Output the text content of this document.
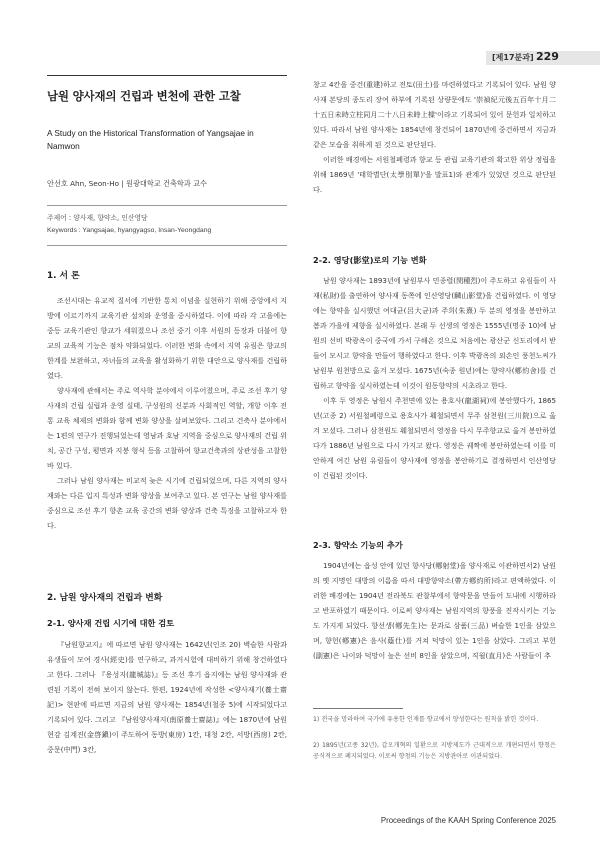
[제17분과] 229
남원 양사재의 건립과 변천에 관한 고찰
A Study on the Historical Transformation of Yangsajae in Namwon
안선호 Ahn, Seon-Ho | 원광대학교 건축학과 교수
주제어 : 양사재, 향약소, 인산영당
Keywords : Yangsajae, hyangyagso, Insan-Yeongdang
1. 서 론

조선시대는 유교적 질서에 기반한 통치 이념을 실현하기 위해 중앙에서 지방에 이르기까지 교육기관 설치와 운영을 중시하였다. 이에 따라 각 고을에는 중등 교육기관인 향교가 세워졌으나 조선 중기 이후 서원의 등장과 더불어 향교의 교육적 기능은 점차 약화되었다. 이러한 변화 속에서 지역 유림은 향교의 한계를 보완하고, 자녀들의 교육을 활성화하기 위한 대안으로 양사재를 건립하였다.

양사재에 관해서는 주로 역사학 분야에서 이루어졌으며, 주로 조선 후기 양사재의 건립 실립과 운영 실태, 구성원의 신분과 사회적인 역할, 개항 이후 전통 교육 체제의 변화와 함께 변화 양상을 살펴보았다. 그리고 건축사 분야에서는 1편의 연구가 진행되었는데 영남과 호남 지역을 중심으로 양사재의 건립 위치, 공간 구성, 평면과 지붕 형식 등을 고찰하여 향교건축과의 상관성을 고찰한 바 있다.

그러나 남원 양사재는 비교적 늦은 시기에 건립되었으며, 다른 지역의 양사재와는 다른 입지 특성과 변화 양상을 보여주고 있다. 본 연구는 남원 양사재를 중심으로 조선 후기 향촌 교육 공간의 변화 양상과 건축 특징을 고찰하고자 한다.

2. 남원 양사재의 건립과 변화
2-1. 양사재 건립 시기에 대한 검토

『남원향교지』에 따르면 남원 양사재는 1642년(인조 20) 벽슬한 사람과 유생들이 모여 경사(經史)를 연구하고, 과거시험에 대비하기 위해 창건하였다고 한다. 그러나 『용성지(龍城誌)』등 조선 후기 읍지에는 남원 양사재와 관련된 기록이 전혀 보이지 않는다. 한편, 1924년에 작성한 <양사재기(養士齋記)> 현판에 따르면 지금의 남원 양사재는 1854년(철종 5)에 시작되었다고 기록되어 있다. 그리고 『남원양사재지(南原養士齋誌)』에는 1870년에 남원현감 김계진(金啓鎭)이 주도하여 동방(東房) 1칸, 대청 2칸, 서방(西房) 2칸, 중문(中門) 3칸,

창고 4칸을 중건(重建)하고 전토(田土)를 마련하였다고 기록되어 있다. 남원 양사재 본당의 종도리 장여 하부에 기록된 상량문에도 '崇禎紀元後五百年十月二十五日未時立柱同月二十八日未時上樑'이라고 기록되어 있어 문헌과 일치하고 있다. 따라서 남원 양사재는 1854년에 창건되어 1870년에 중건하면서 지금과 같은 모습을 취하게 된 것으로 판단된다.

이러한 배경에는 서원철폐령과 향교 등 관립 교육기관의 확고한 위상 정립을 위해 1869년 '태학별단(太學別單)'을 발표1)와 관계가 있었던 것으로 판단된다.

2-2. 영당(影堂)로의 기능 변화

남원 양사재는 1893년에 남원부사 민종렬(閔種烈)이 주도하고 유림들이 사재(私財)를 출연하여 양사재 동쪽에 인산영당(麟山影堂)을 건립하였다. 이 영당에는 향약을 실시했던 여대균(呂大균)과 주희(朱熹) 두 분의 영정을 봉안하고 봄과 가을에 제향을 실시하였다. 본래 두 선생의 영정은 1555년(명종 10)에 남원의 선비 박광옥이 중국에 가서 구해온 것으로 처음에는 광산군 신도리에서 받들어 모시고 향약을 만들어 행하였다고 한다. 이후 박광옥의 외손인 풍천노씨가 남원부 원천방으로 옮겨 모셨다. 1675년(숙종 원년)에는 향약사(鄕約舍)를 건립하고 향약을 실시하였는데 이것이 원동향약의 시초라고 한다.

이후 두 영정은 남원시 주천면에 있는 용호사(龍湖祠)에 봉안했다가, 1865년(고종 2) 서원철폐령으로 용호사가 훼철되면서 무주 삼천원(三川院)으로 옮겨 모셨다. 그러나 삼천원도 훼철되면서 영정을 다시 무주향교로 옮겨 봉안하였다가 1886년 남원으로 다시 가지고 왔다. 영정은 궤짝에 봉안하였는데 이를 미안하게 여긴 남원 유림들이 양사재에 영정을 봉안하기로 결정하면서 인산영당이 건립된 것이다.

2-3. 향약소 기능의 추가

1904년에는 읍성 안에 있던 향사당(鄕射堂)을 양사재로 이관하면서2) 남원의 옛 지명인 대방의 이름을 따서 대방향약소(帶方鄕約所)라고 편액하였다. 이러한 배경에는 1904년 전라북도 관찰부에서 향약문을 만들어 도내에 시행하라고 반포하였기 때문이다. 이로써 양사재는 남원지역의 향풍을 진작시키는 기능도 가지게 되었다. 향선생(鄕先生)는 문과로 삼품(三品) 벼슬한 1인을 삼았으며, 향헌(鄕憲)은 음사(蔭仕)를 거쳐 덕망이 있는 1인을 삼았다. 그리고 부헌(副憲)은 나이와 덕망이 높은 선비 8인을 삼았으며, 직월(直月)은 사람들이 추

1) 전국을 망라하여 국가에 유용한 인재를 향교에서 양성한다는 원칙을 밝힌 것이다.
2) 1895년(고종 32년), 갑오개혁의 일환으로 지방제도가 근대적으로 개편되면서 향청은 공식적으로 폐지되었다. 이로써 향청의 기능은 지방관아로 이관되었다.
Proceedings of the KAAH Spring Conference 2025
